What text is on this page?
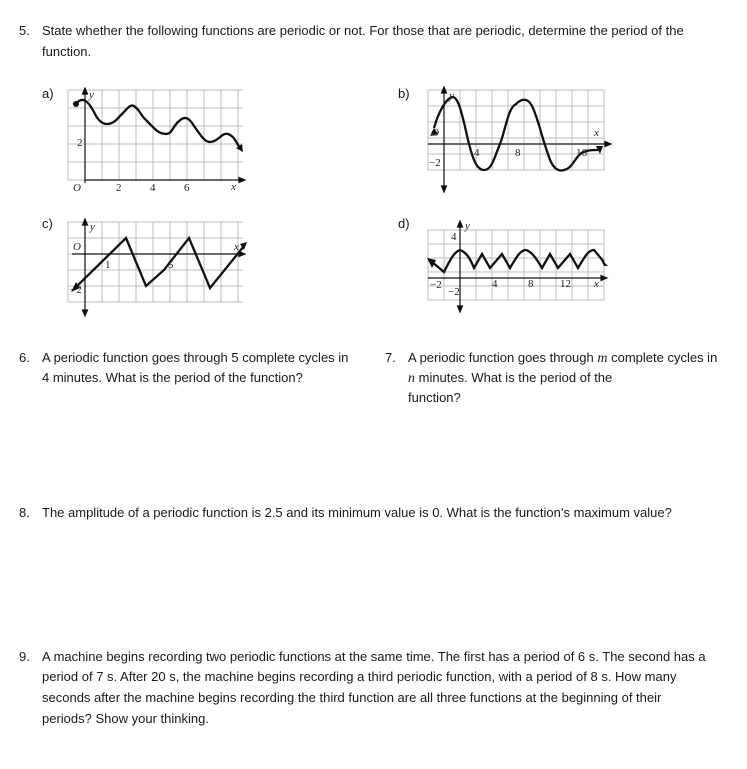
5. State whether the following functions are periodic or not. For those that are periodic, determine the period of the
function.
a)	y
x
2
O	2	4	6
b)	y
x
O
−2
4	8	16
c)	y
x
O
−2
1	5
d)	y
x
4
−2
−2	4	8 12
6. A periodic function goes through 5 complete cycles in
4 minutes. What is the period of the function?
7. A periodic function goes through m complete cycles in
n minutes. What is the period of the
function?
8. The amplitude of a periodic function is 2.5 and its minimum value is 0. What is the function’s maximum value?
9. A machine begins recording two periodic functions at the same time. The first has a period of 6 s. The second has a
period of 7 s. After 20 s, the machine begins recording a third periodic function, with a period of 8 s. How many
seconds after the machine begins recording the third function are all three functions at the beginning of their
periods? Show your thinking.
